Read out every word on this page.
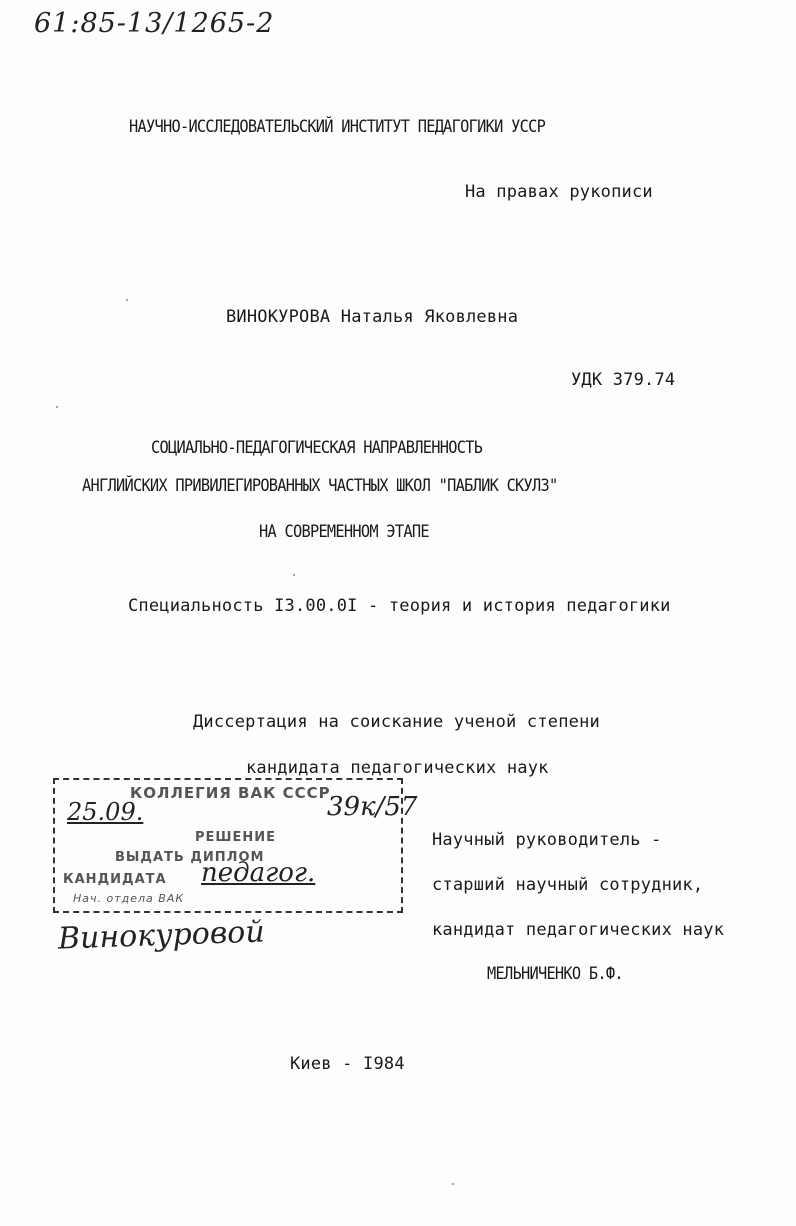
61:85-13/1265-2
НАУЧНО-ИССЛЕДОВАТЕЛЬСКИЙ ИНСТИТУТ ПЕДАГОГИКИ УССР
На правах рукописи
ВИНОКУРОВА Наталья Яковлевна
УДК 379.74
СОЦИАЛЬНО-ПЕДАГОГИЧЕСКАЯ НАПРАВЛЕННОСТЬ
АНГЛИЙСКИХ ПРИВИЛЕГИРОВАННЫХ ЧАСТНЫХ ШКОЛ "ПАБЛИК СКУЛЗ"
НА СОВРЕМЕННОМ ЭТАПЕ
Специальность I3.00.0I - теория и история педагогики
Диссертация на соискание ученой степени
кандидата педагогических наук
КОЛЛЕГИЯ ВАК СССР
РЕШЕНИЕ
ВЫДАТЬ ДИПЛОМ
КАНДИДАТА
Нач. отдела ВАК
25.09.	39к/57
педагог.
Винокуровой
Научный руководитель -
старший научный сотрудник,
кандидат педагогических наук
МЕЛЬНИЧЕНКО Б.Ф.
Киев - I984
